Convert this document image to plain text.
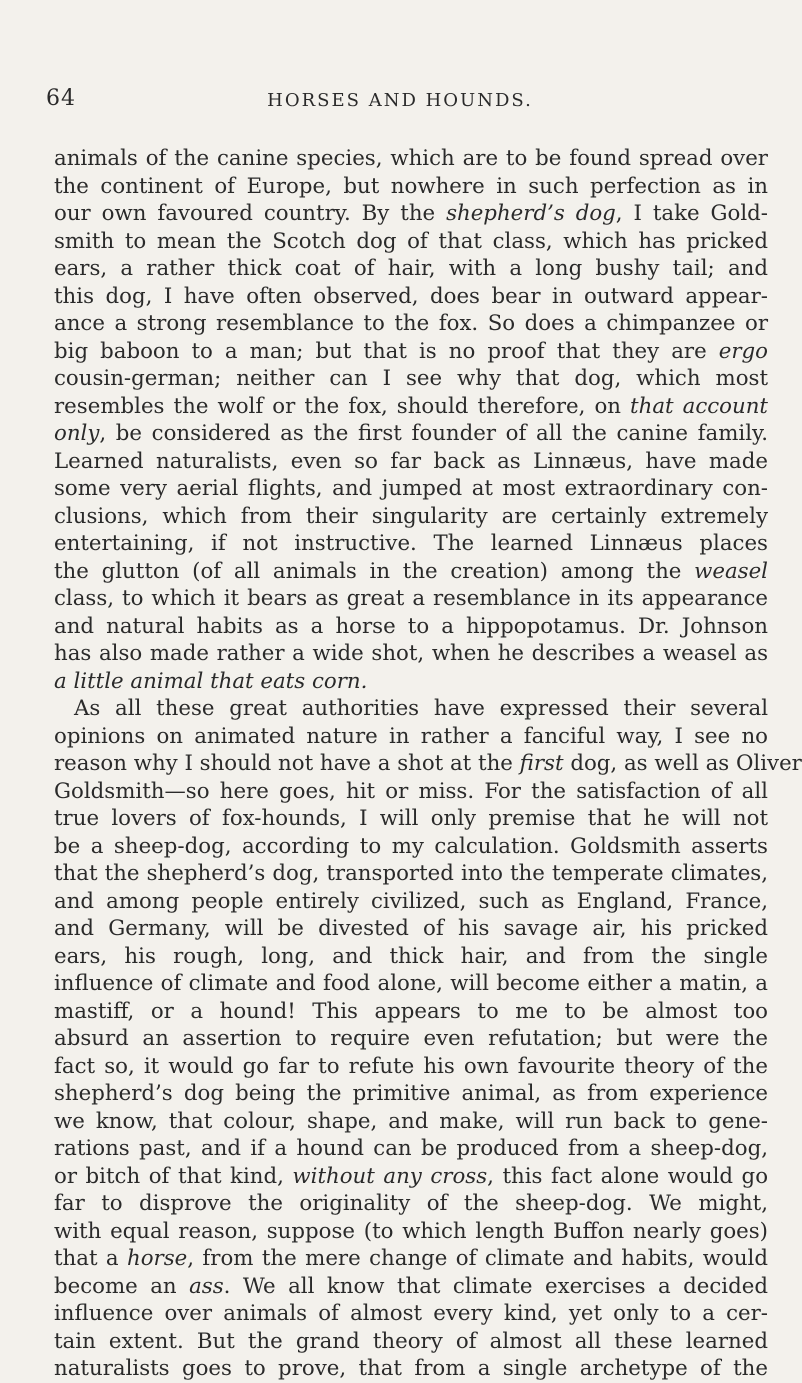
64	HORSES AND HOUNDS.
animals of the canine species, which are to be found spread over
the continent of Europe, but nowhere in such perfection as in
our own favoured country. By the shepherd’s dog, I take Gold-
smith to mean the Scotch dog of that class, which has pricked
ears, a rather thick coat of hair, with a long bushy tail; and
this dog, I have often observed, does bear in outward appear-
ance a strong resemblance to the fox. So does a chimpanzee or
big baboon to a man; but that is no proof that they are ergo
cousin-german; neither can I see why that dog, which most
resembles the wolf or the fox, should therefore, on that account
only, be considered as the first founder of all the canine family.
Learned naturalists, even so far back as Linnæus, have made
some very aerial flights, and jumped at most extraordinary con-
clusions, which from their singularity are certainly extremely
entertaining, if not instructive. The learned Linnæus places
the glutton (of all animals in the creation) among the weasel
class, to which it bears as great a resemblance in its appearance
and natural habits as a horse to a hippopotamus. Dr. Johnson
has also made rather a wide shot, when he describes a weasel as
a little animal that eats corn.
As all these great authorities have expressed their several
opinions on animated nature in rather a fanciful way, I see no
reason why I should not have a shot at the first dog, as well as Oliver
Goldsmith—so here goes, hit or miss. For the satisfaction of all
true lovers of fox-hounds, I will only premise that he will not
be a sheep-dog, according to my calculation. Goldsmith asserts
that the shepherd’s dog, transported into the temperate climates,
and among people entirely civilized, such as England, France,
and Germany, will be divested of his savage air, his pricked
ears, his rough, long, and thick hair, and from the single
influence of climate and food alone, will become either a matin, a
mastiff, or a hound! This appears to me to be almost too
absurd an assertion to require even refutation; but were the
fact so, it would go far to refute his own favourite theory of the
shepherd’s dog being the primitive animal, as from experience
we know, that colour, shape, and make, will run back to gene-
rations past, and if a hound can be produced from a sheep-dog,
or bitch of that kind, without any cross, this fact alone would go
far to disprove the originality of the sheep-dog. We might,
with equal reason, suppose (to which length Buffon nearly goes)
that a horse, from the mere change of climate and habits, would
become an ass. We all know that climate exercises a decided
influence over animals of almost every kind, yet only to a cer-
tain extent. But the grand theory of almost all these learned
naturalists goes to prove, that from a single archetype of the
